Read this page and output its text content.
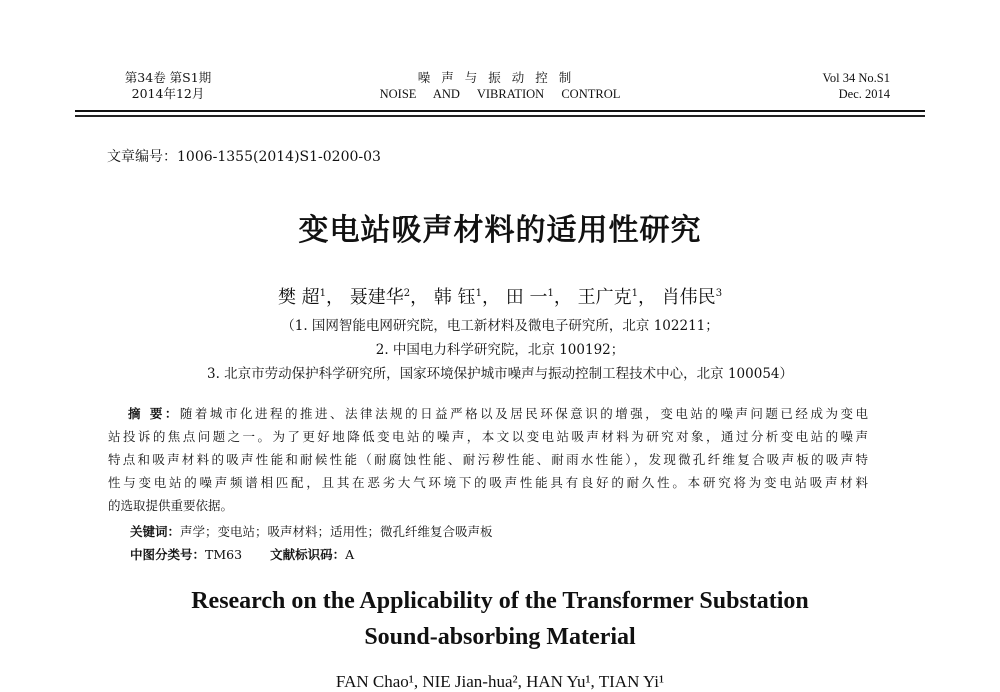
第34卷 第S1期
2014年12月
噪声与振动控制
NOISE AND VIBRATION CONTROL
Vol 34 No.S1
Dec. 2014
文章编号：1006-1355(2014)S1-0200-03
变电站吸声材料的适用性研究
樊 超$^1$， 聂建华$^2$， 韩 钰$^1$， 田 一$^1$， 王广克$^1$， 肖伟民$^3$
（1. 国网智能电网研究院，电工新材料及微电子研究所，北京 102211；
2. 中国电力科学研究院，北京 100192；
3. 北京市劳动保护科学研究所，国家环境保护城市噪声与振动控制工程技术中心，北京 100054）
摘 要：随着城市化进程的推进、法律法规的日益严格以及居民环保意识的增强，变电站的噪声问题已经成为变电
站投诉的焦点问题之一。为了更好地降低变电站的噪声，本文以变电站吸声材料为研究对象，通过分析变电站的噪声
特点和吸声材料的吸声性能和耐候性能（耐腐蚀性能、耐污秽性能、耐雨水性能），发现微孔纤维复合吸声板的吸声特
性与变电站的噪声频谱相匹配，且其在恶劣大气环境下的吸声性能具有良好的耐久性。本研究将为变电站吸声材料
的选取提供重要依据。
关键词：声学；变电站；吸声材料；适用性；微孔纤维复合吸声板
中图分类号：TM63 文献标识码：A
Research on the Applicability of the Transformer Substation
Sound-absorbing Material
FAN Chao¹, NIE Jian-hua², HAN Yu¹, TIAN Yi¹
